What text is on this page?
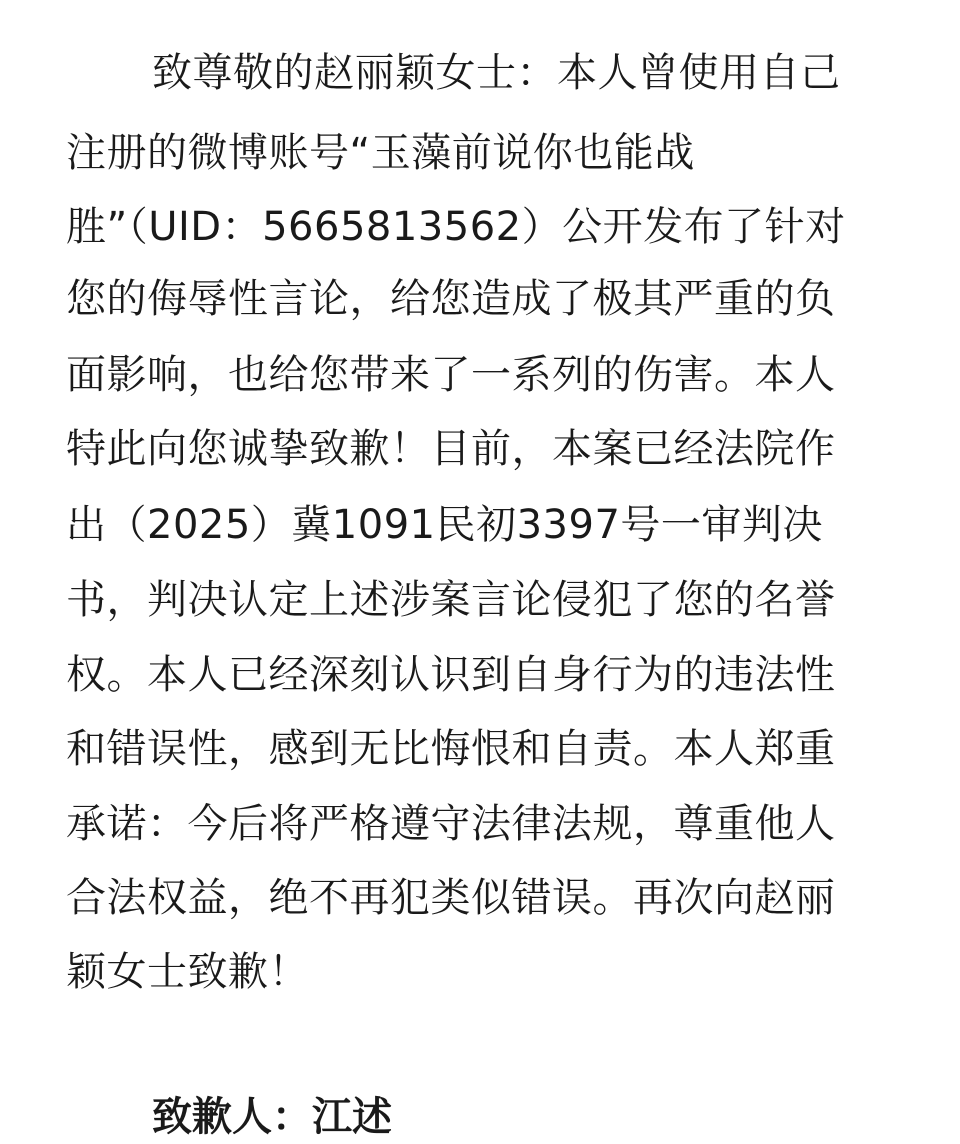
致尊敬的赵丽颖女士：本人曾使用自己
注册的微博账号“玉藻前说你也能战
胜”（UID：5665813562）公开发布了针对
您的侮辱性言论，给您造成了极其严重的负
面影响，也给您带来了一系列的伤害。本人
特此向您诚挚致歉！目前，本案已经法院作
出（2025）冀1091民初3397号一审判决
书，判决认定上述涉案言论侵犯了您的名誉
权。本人已经深刻认识到自身行为的违法性
和错误性，感到无比悔恨和自责。本人郑重
承诺：今后将严格遵守法律法规，尊重他人
合法权益，绝不再犯类似错误。再次向赵丽
颖女士致歉！
致歉人：江述
